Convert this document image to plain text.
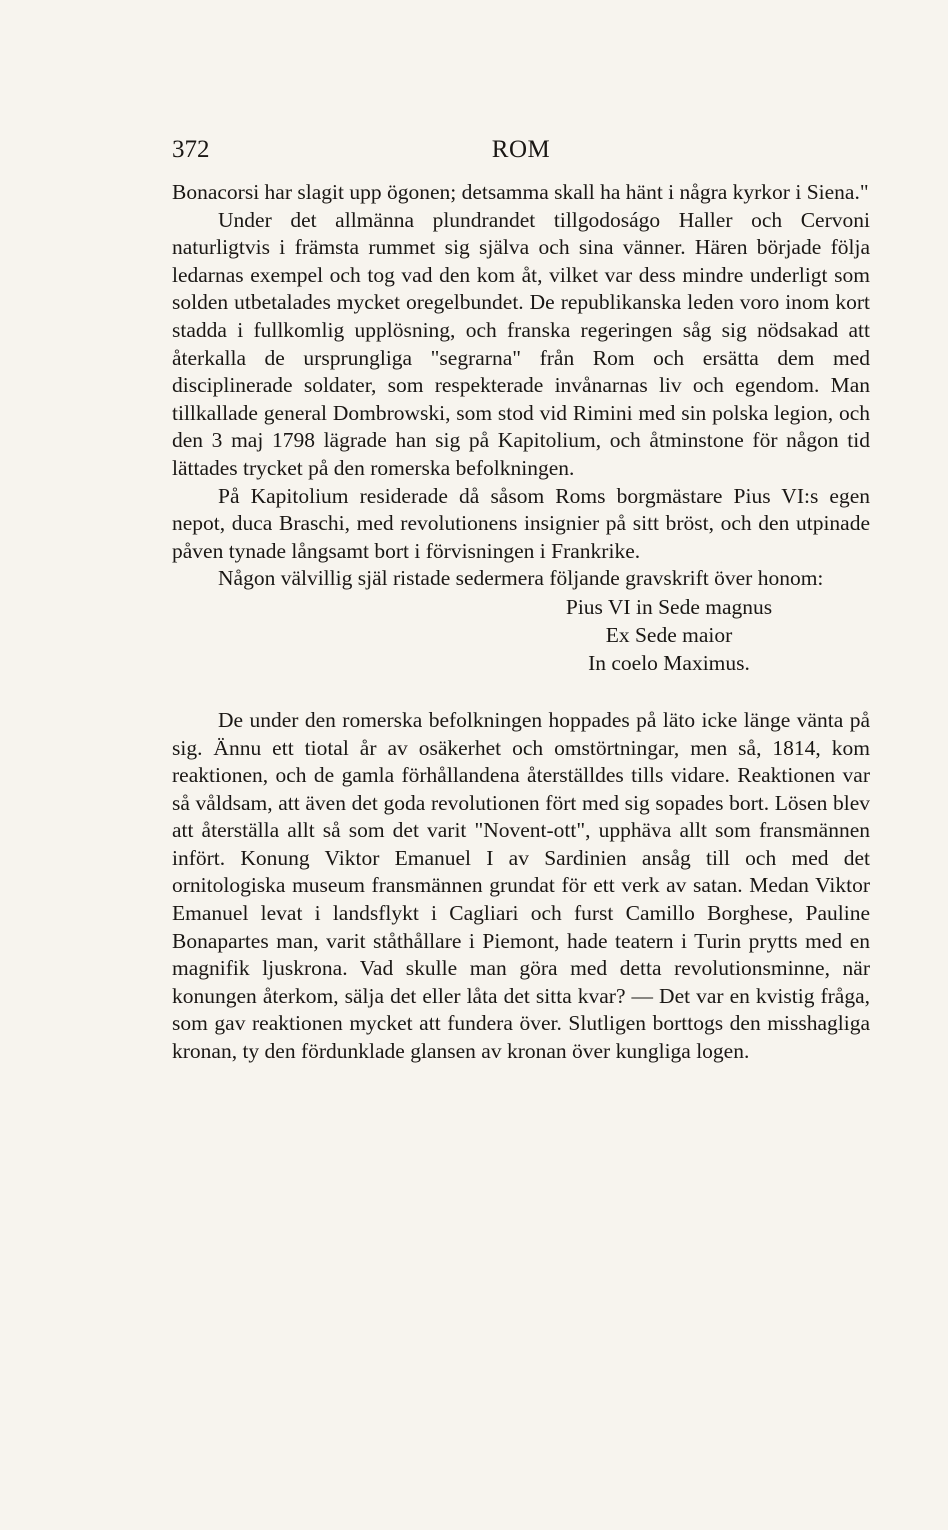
372	ROM

Bonacorsi har slagit upp ögonen; detsamma skall ha hänt i några kyrkor i Siena."

Under det allmänna plundrandet tillgodoságo Haller och Cervoni naturligtvis i främsta rummet sig själva och sina vänner. Hären började följa ledarnas exempel och tog vad den kom åt, vilket var dess mindre underligt som solden utbetalades mycket oregelbundet. De republikanska leden voro inom kort stadda i fullkomlig upplösning, och franska regeringen såg sig nödsakad att återkalla de ursprungliga "segrarna" från Rom och ersätta dem med disciplinerade soldater, som respekterade invånarnas liv och egendom. Man tillkallade general Dombrowski, som stod vid Rimini med sin polska legion, och den 3 maj 1798 lägrade han sig på Kapitolium, och åtminstone för någon tid lättades trycket på den romerska befolkningen.

På Kapitolium residerade då såsom Roms borgmästare Pius VI:s egen nepot, duca Braschi, med revolutionens insignier på sitt bröst, och den utpinade påven tynade långsamt bort i förvisningen i Frankrike.

Någon välvillig själ ristade sedermera följande gravskrift över honom:

Pius VI in Sede magnus
Ex Sede maior
In coelo Maximus.

De under den romerska befolkningen hoppades på läto icke länge vänta på sig. Ännu ett tiotal år av osäkerhet och omstörtningar, men så, 1814, kom reaktionen, och de gamla förhållandena återställdes tills vidare. Reaktionen var så våldsam, att även det goda revolutionen fört med sig sopades bort. Lösen blev att återställa allt så som det varit "Novent-ott", upphäva allt som fransmännen infört. Konung Viktor Emanuel I av Sardinien ansåg till och med det ornitologiska museum fransmännen grundat för ett verk av satan. Medan Viktor Emanuel levat i landsflykt i Cagliari och furst Camillo Borghese, Pauline Bonapartes man, varit ståthållare i Piemont, hade teatern i Turin prytts med en magnifik ljuskrona. Vad skulle man göra med detta revolutionsminne, när konungen återkom, sälja det eller låta det sitta kvar? — Det var en kvistig fråga, som gav reaktionen mycket att fundera över. Slutligen borttogs den misshagliga kronan, ty den fördunklade glansen av kronan över kungliga logen.
